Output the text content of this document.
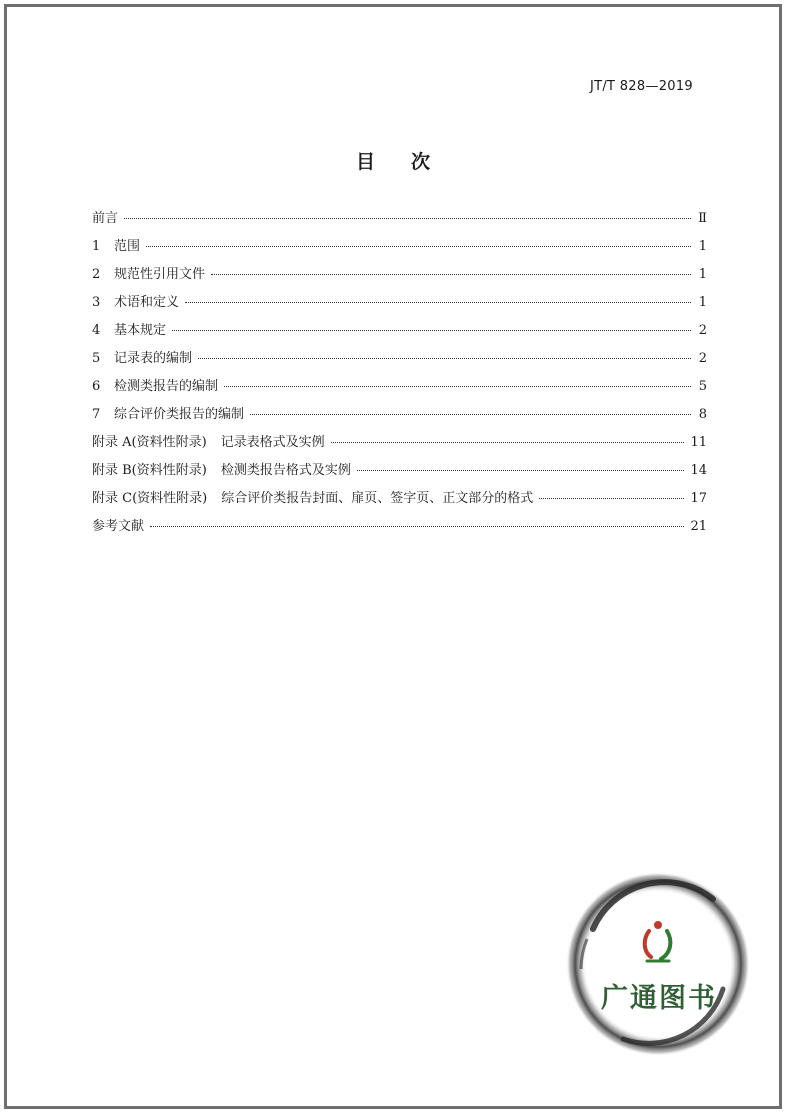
JT/T 828—2019
目 次
前言	Ⅱ
1	范围	1
2	规范性引用文件	1
3	术语和定义	1
4	基本规定	2
5	记录表的编制	2
6	检测类报告的编制	5
7	综合评价类报告的编制	8
附录 A(资料性附录) 记录表格式及实例	11
附录 B(资料性附录) 检测类报告格式及实例	14
附录 C(资料性附录) 综合评价类报告封面、扉页、签字页、正文部分的格式	17
参考文献	21
广通图书
